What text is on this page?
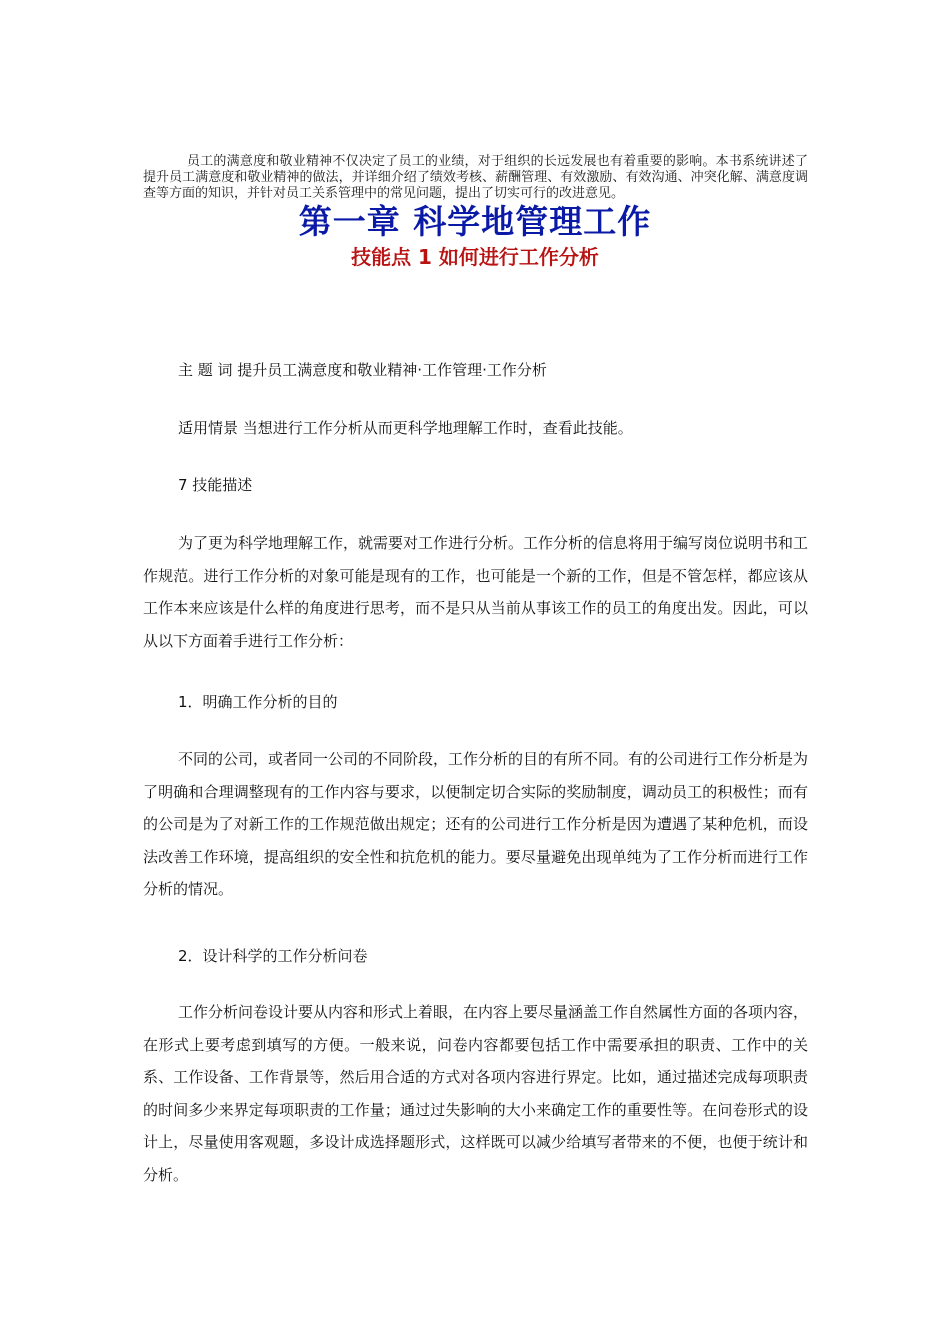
员工的满意度和敬业精神不仅决定了员工的业绩，对于组织的长远发展也有着重要的影响。本书系统讲述了提升员工满意度和敬业精神的做法，并详细介绍了绩效考核、薪酬管理、有效激励、有效沟通、冲突化解、满意度调查等方面的知识，并针对员工关系管理中的常见问题，提出了切实可行的改进意见。

第一章 科学地管理工作
技能点 1 如何进行工作分析

主 题 词 提升员工满意度和敬业精神·工作管理·工作分析

适用情景 当想进行工作分析从而更科学地理解工作时，查看此技能。

7 技能描述

为了更为科学地理解工作，就需要对工作进行分析。工作分析的信息将用于编写岗位说明书和工作规范。进行工作分析的对象可能是现有的工作，也可能是一个新的工作，但是不管怎样，都应该从工作本来应该是什么样的角度进行思考，而不是只从当前从事该工作的员工的角度出发。因此，可以从以下方面着手进行工作分析：

1．明确工作分析的目的

不同的公司，或者同一公司的不同阶段，工作分析的目的有所不同。有的公司进行工作分析是为了明确和合理调整现有的工作内容与要求，以便制定切合实际的奖励制度，调动员工的积极性；而有的公司是为了对新工作的工作规范做出规定；还有的公司进行工作分析是因为遭遇了某种危机，而设法改善工作环境，提高组织的安全性和抗危机的能力。要尽量避免出现单纯为了工作分析而进行工作分析的情况。

2．设计科学的工作分析问卷

工作分析问卷设计要从内容和形式上着眼，在内容上要尽量涵盖工作自然属性方面的各项内容，在形式上要考虑到填写的方便。一般来说，问卷内容都要包括工作中需要承担的职责、工作中的关系、工作设备、工作背景等，然后用合适的方式对各项内容进行界定。比如，通过描述完成每项职责的时间多少来界定每项职责的工作量；通过过失影响的大小来确定工作的重要性等。在问卷形式的设计上，尽量使用客观题，多设计成选择题形式，这样既可以减少给填写者带来的不便，也便于统计和分析。
